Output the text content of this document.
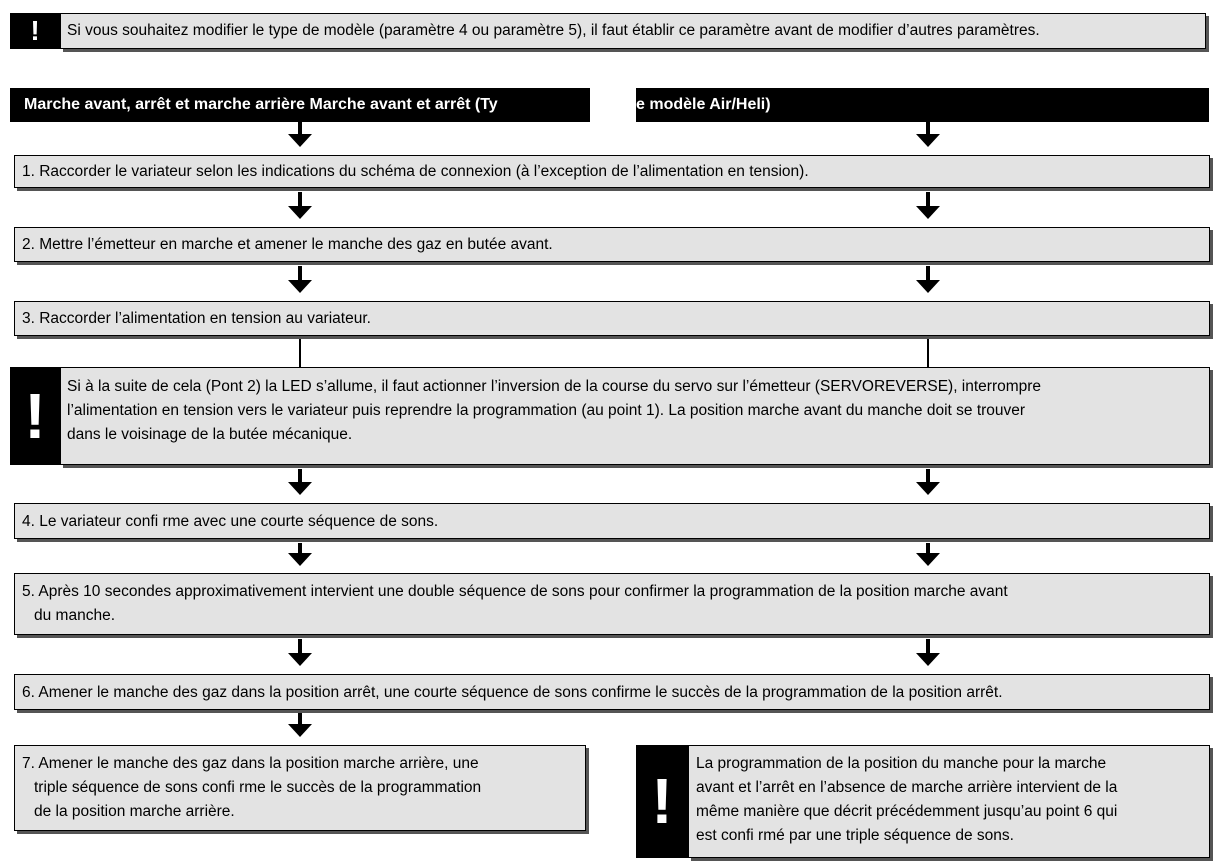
!	Si vous souhaitez modifier le type de modèle (paramètre 4 ou paramètre 5), il faut établir ce paramètre avant de modifier d’autres paramètres.

Marche avant, arrêt et marche arrière Marche avant et arrêt (Ty	e modèle Air/Heli)

1. Raccorder le variateur selon les indications du schéma de connexion (à l’exception de l’alimentation en tension).

2. Mettre l’émetteur en marche et amener le manche des gaz en butée avant.

3. Raccorder l’alimentation en tension au variateur.

!	Si à la suite de cela (Pont 2) la LED s’allume, il faut actionner l’inversion de la course du servo sur l’émetteur (SERVOREVERSE), interrompre

l’alimentation en tension vers le variateur puis reprendre la programmation (au point 1). La position marche avant du manche doit se trouver

dans le voisinage de la butée mécanique.

4. Le variateur confi rme avec une courte séquence de sons.

5. Après 10 secondes approximativement intervient une double séquence de sons pour confirmer la programmation de la position marche avant

du manche.

6. Amener le manche des gaz dans la position arrêt, une courte séquence de sons confirme le succès de la programmation de la position arrêt.

7. Amener le manche des gaz dans la position marche arrière, une

triple séquence de sons confi rme le succès de la programmation

de la position marche arrière.	!

La programmation de la position du manche pour la marche

avant et l’arrêt en l’absence de marche arrière intervient de la

même manière que décrit précédemment jusqu’au point 6 qui

est confi rmé par une triple séquence de sons.
